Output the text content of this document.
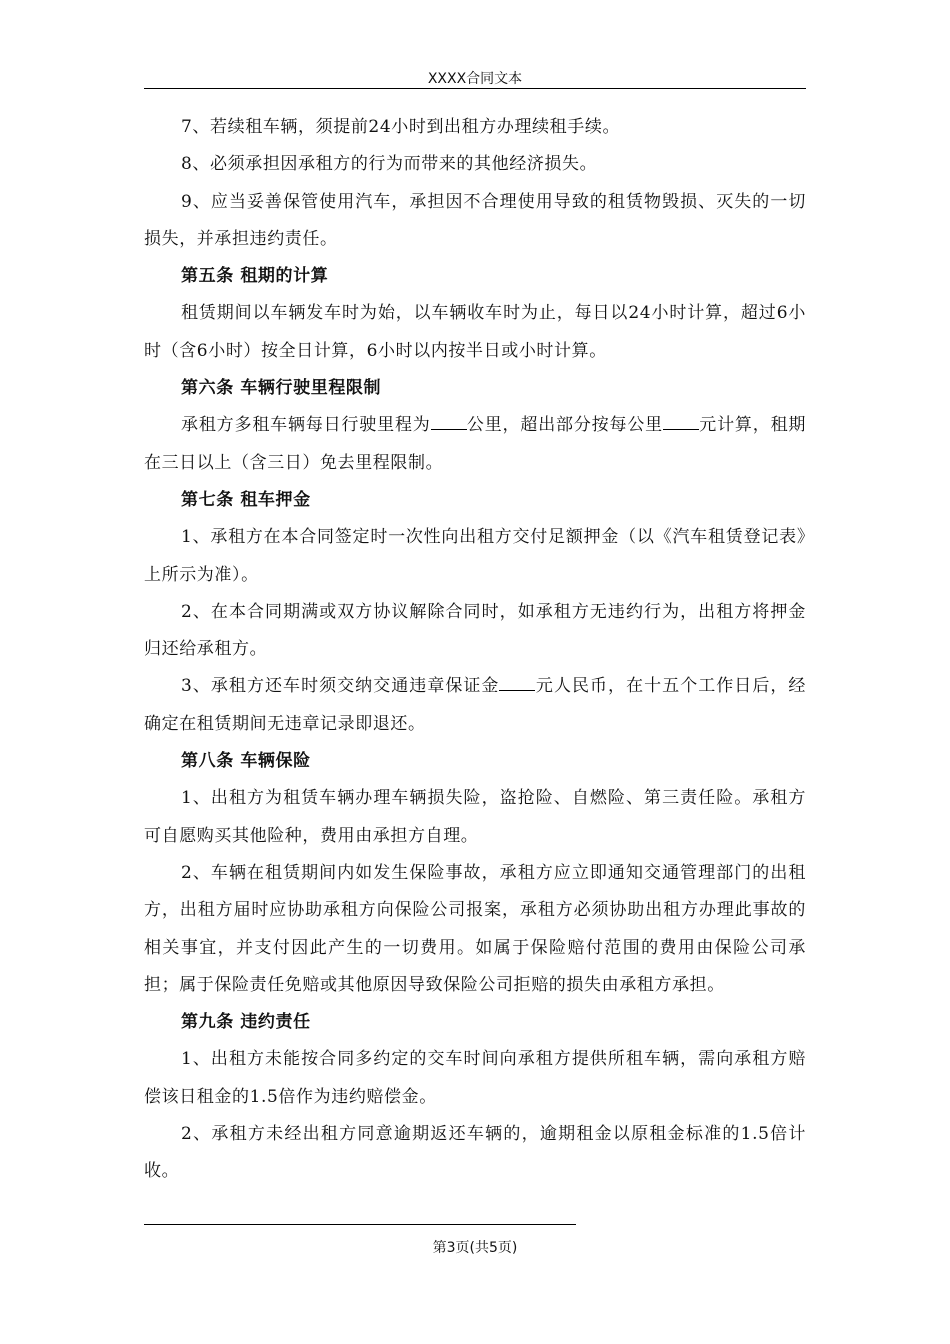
XXXX合同文本

7、若续租车辆，须提前24小时到出租方办理续租手续。

8、必须承担因承租方的行为而带来的其他经济损失。

9、应当妥善保管使用汽车，承担因不合理使用导致的租赁物毁损、灭失的一切损失，并承担违约责任。

第五条 租期的计算

租赁期间以车辆发车时为始，以车辆收车时为止，每日以24小时计算，超过6小时（含6小时）按全日计算，6小时以内按半日或小时计算。

第六条 车辆行驶里程限制

承租方多租车辆每日行驶里程为 公里，超出部分按每公里 元计算，租期在三日以上（含三日）免去里程限制。

第七条 租车押金

1、承租方在本合同签定时一次性向出租方交付足额押金（以《汽车租赁登记表》上所示为准）。

2、在本合同期满或双方协议解除合同时，如承租方无违约行为，出租方将押金归还给承租方。

3、承租方还车时须交纳交通违章保证金 元人民币，在十五个工作日后，经确定在租赁期间无违章记录即退还。

第八条 车辆保险

1、出租方为租赁车辆办理车辆损失险，盗抢险、自燃险、第三责任险。承租方可自愿购买其他险种，费用由承担方自理。

2、车辆在租赁期间内如发生保险事故，承租方应立即通知交通管理部门的出租方，出租方届时应协助承租方向保险公司报案，承租方必须协助出租方办理此事故的相关事宜，并支付因此产生的一切费用。如属于保险赔付范围的费用由保险公司承担；属于保险责任免赔或其他原因导致保险公司拒赔的损失由承租方承担。

第九条 违约责任

1、出租方未能按合同多约定的交车时间向承租方提供所租车辆，需向承租方赔偿该日租金的1.5倍作为违约赔偿金。

2、承租方未经出租方同意逾期返还车辆的，逾期租金以原租金标准的1.5倍计收。

第3页(共5页)
